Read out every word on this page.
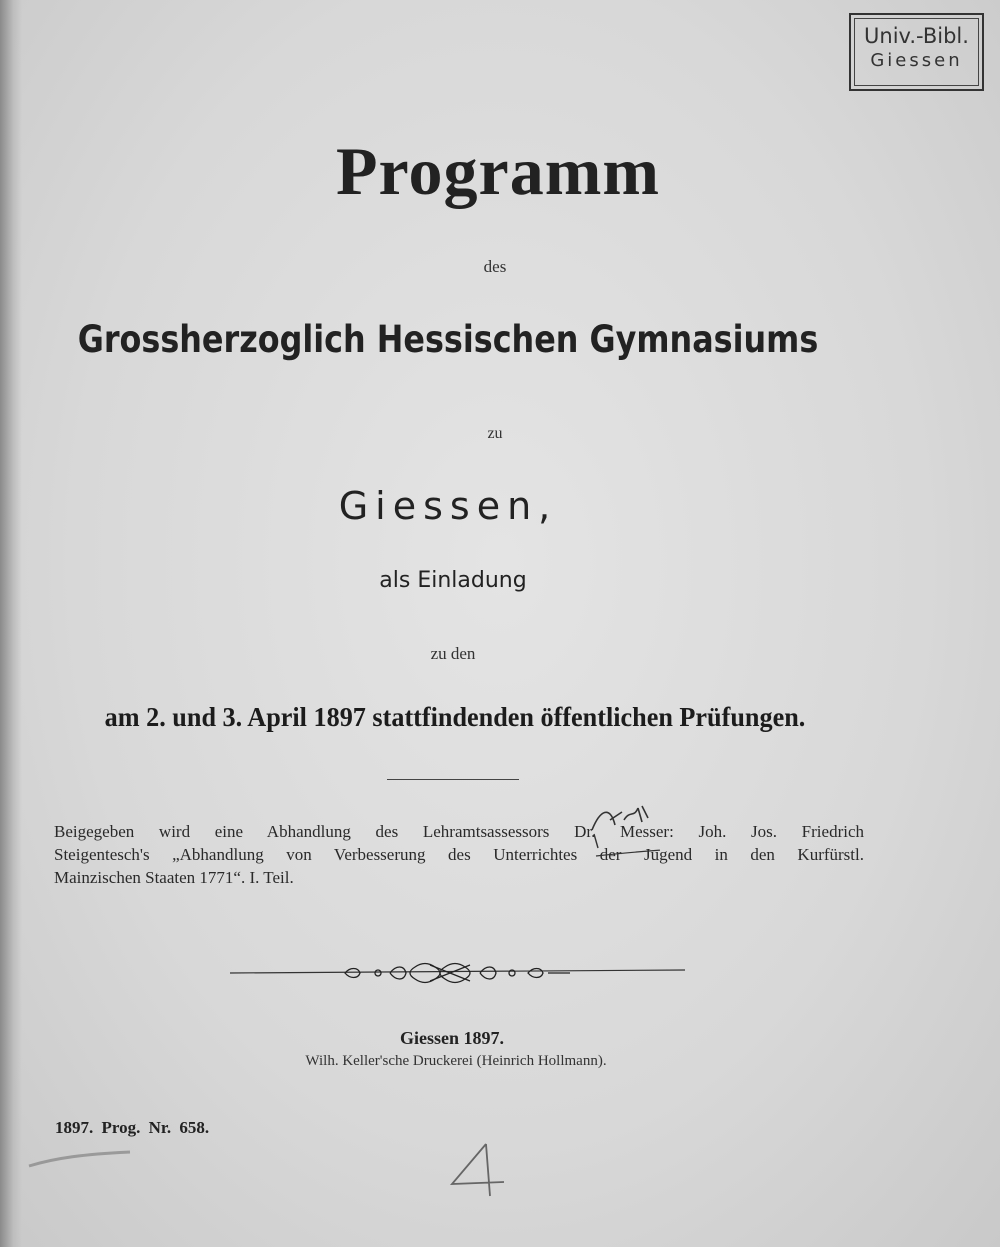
Univ.-Bibl.
Giessen
Programm
des
Grossherzoglich Hessischen Gymnasiums
zu
Giessen,
als Einladung
zu den
am 2. und 3. April 1897 stattfindenden öffentlichen Prüfungen.

Beigegeben wird eine Abhandlung des Lehramtsassessors Dr. Messer: Joh. Jos. Friedrich

Steigentesch's „Abhandlung von Verbesserung des Unterrichtes der Jugend in den Kurfürstl.

Mainzischen Staaten 1771“. I. Teil.

Giessen 1897.
Wilh. Keller'sche Druckerei (Heinrich Hollmann).
1897. Prog. Nr. 658.
